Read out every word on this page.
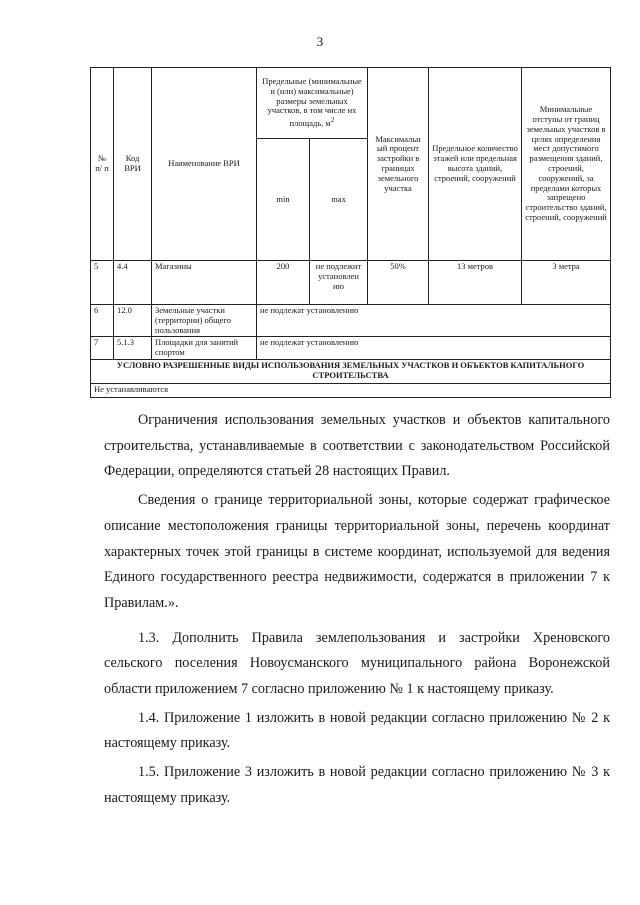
3
№ п/ п	Код ВРИ	Наименование ВРИ	Предельные (минимальные и (или) максимальные) размеры земельных участков, в том числе их площадь, $м^2$		Максимальн ый процент застройки в границах земельного участка	Предельное количество этажей или предельная высота зданий, строений, сооружений	Минимальные отступы от границ земельных участков в целях определения мест допустимого размещения зданий, строений, сооружений, за пределами которых запрещено строительство зданий, строений, сооружений
			min	max			
5	4.4	Магазины	200	не подлежит установлен ию	50%	13 метров	3 метра
6	12.0	Земельные участки (территории) общего пользования	не подлежат установлению				
7	5.1.3	Площадки для занятий спортом	не подлежат установлению				
УСЛОВНО РАЗРЕШЕННЫЕ ВИДЫ ИСПОЛЬЗОВАНИЯ ЗЕМЕЛЬНЫХ УЧАСТКОВ И ОБЪЕКТОВ КАПИТАЛЬНОГО СТРОИТЕЛЬСТВА							
Не устанавливаются							

Ограничения использования земельных участков и объектов капитального строительства, устанавливаемые в соответствии с законодательством Российской Федерации, определяются статьей 28 настоящих Правил.

Сведения о границе территориальной зоны, которые содержат графическое описание местоположения границы территориальной зоны, перечень координат характерных точек этой границы в системе координат, используемой для ведения Единого государственного реестра недвижимости, содержатся в приложении 7 к Правилам.».

1.3. Дополнить Правила землепользования и застройки Хреновского сельского поселения Новоусманского муниципального района Воронежской области приложением 7 согласно приложению № 1 к настоящему приказу.

1.4. Приложение 1 изложить в новой редакции согласно приложению № 2 к настоящему приказу.

1.5. Приложение 3 изложить в новой редакции согласно приложению № 3 к настоящему приказу.
